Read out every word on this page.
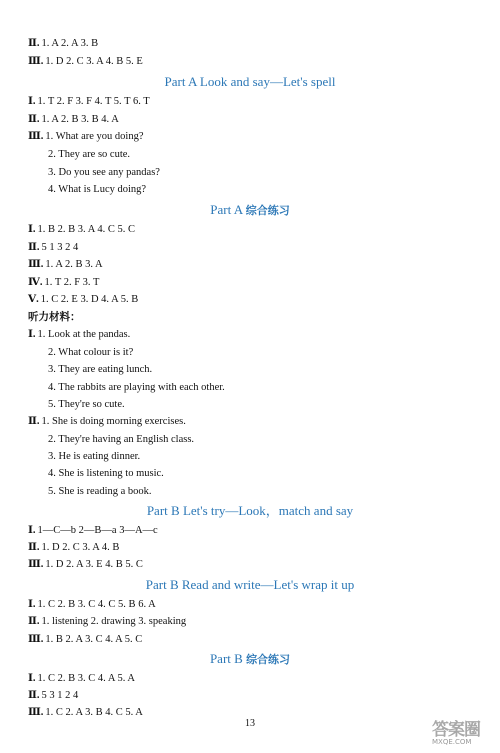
Ⅱ. 1. A 2. A 3. B
Ⅲ. 1. D 2. C 3. A 4. B 5. E
Ⅰ. 1. T 2. F 3. F 4. T 5. T 6. T
Ⅱ. 1. A 2. B 3. B 4. A
Ⅲ. 1. What are you doing?
2. They are so cute.
3. Do you see any pandas?
4. What is Lucy doing?
Ⅰ. 1. B 2. B 3. A 4. C 5. C
Ⅱ. 5 1 3 2 4
Ⅲ. 1. A 2. B 3. A
Ⅳ. 1. T 2. F 3. T
Ⅴ. 1. C 2. E 3. D 4. A 5. B
Ⅰ. 1. Look at the pandas.
2. What colour is it?
3. They are eating lunch.
4. The rabbits are playing with each other.
5. They're so cute.
Ⅱ. 1. She is doing morning exercises.
2. They're having an English class.
3. He is eating dinner.
4. She is listening to music.
5. She is reading a book.
Ⅰ. 1—C—b 2—B—a 3—A—c
Ⅱ. 1. D 2. C 3. A 4. B
Ⅲ. 1. D 2. A 3. E 4. B 5. C
Ⅰ. 1. C 2. B 3. C 4. C 5. B 6. A
Ⅱ. 1. listening 2. drawing 3. speaking
Ⅲ. 1. B 2. A 3. C 4. A 5. C
Ⅰ. 1. C 2. B 3. C 4. A 5. A
Ⅱ. 5 3 1 2 4
Ⅲ. 1. C 2. A 3. B 4. C 5. A
Part A Look and say—Let's spell
Part A 综合练习
Part B Let's try—Look，match and say
Part B Read and write—Let's wrap it up
Part B 综合练习
听力材料：
13	答案圈
MXQE.COM
